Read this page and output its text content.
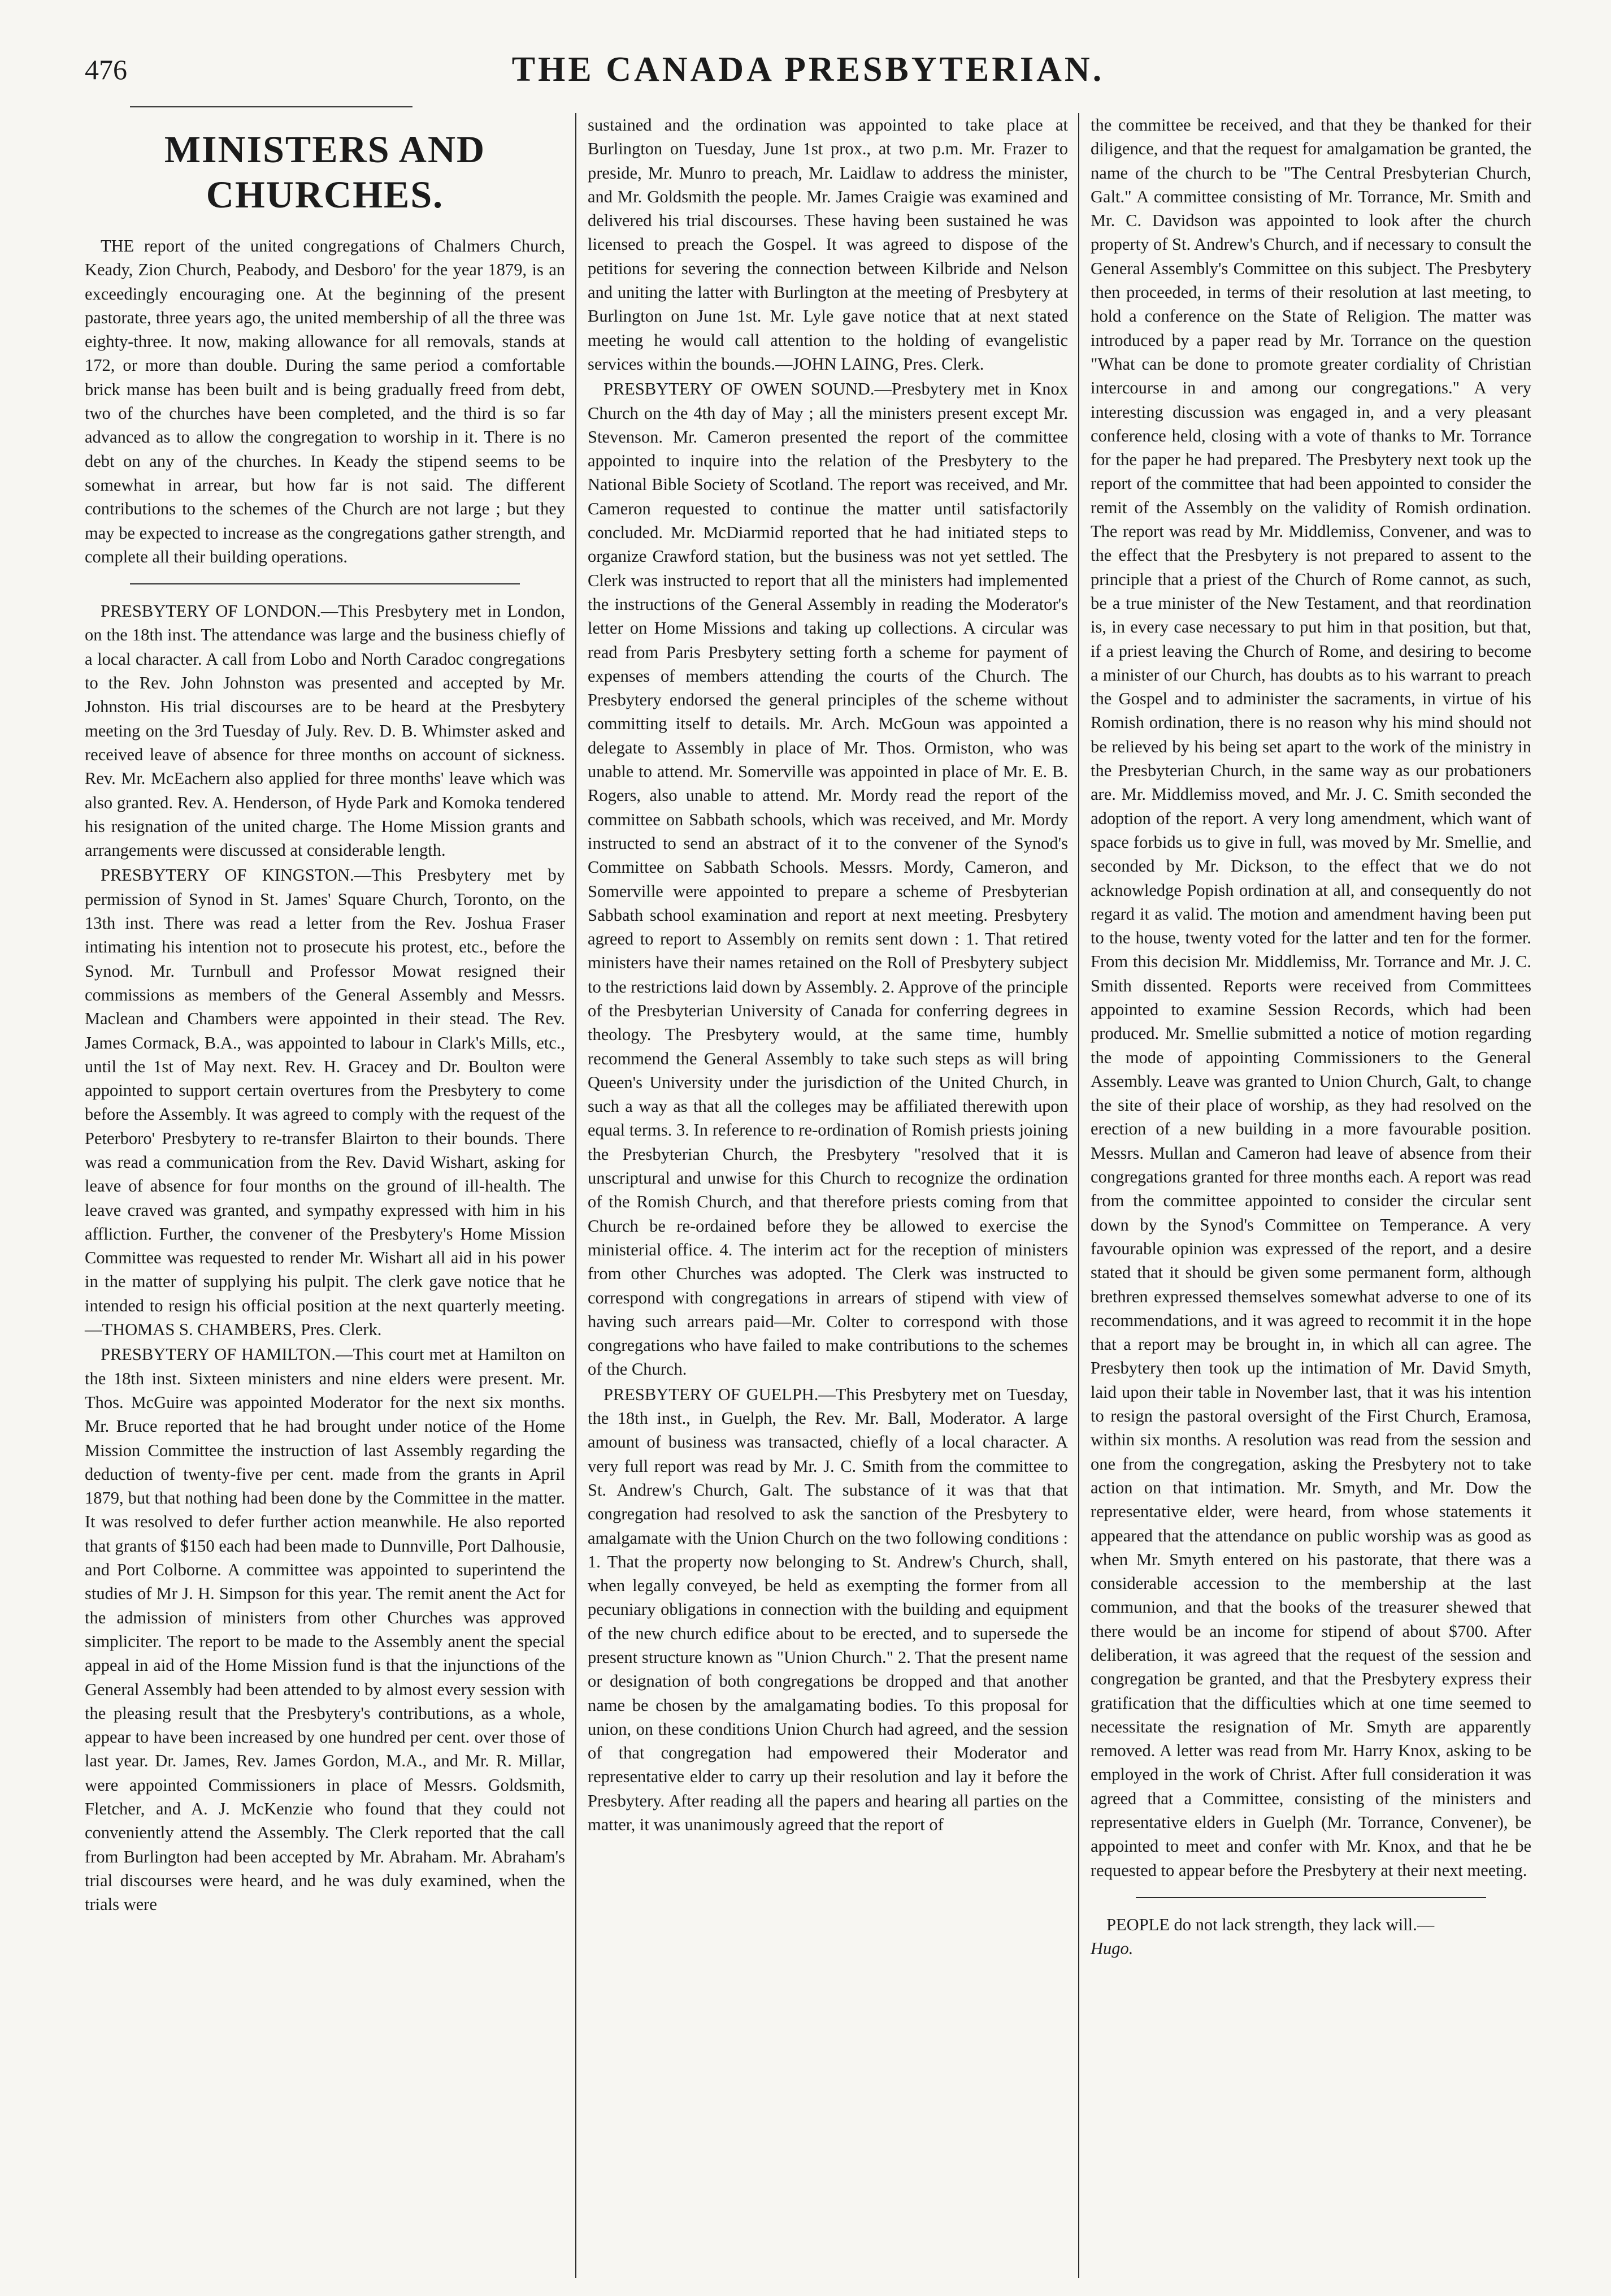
476	THE CANADA PRESBYTERIAN.
MINISTERS AND CHURCHES.

THE report of the united congregations of Chalmers Church, Keady, Zion Church, Peabody, and Desboro' for the year 1879, is an exceedingly encouraging one. At the beginning of the present pastorate, three years ago, the united membership of all the three was eighty-three. It now, making allowance for all removals, stands at 172, or more than double. During the same period a comfortable brick manse has been built and is being gradually freed from debt, two of the churches have been completed, and the third is so far advanced as to allow the congregation to worship in it. There is no debt on any of the churches. In Keady the stipend seems to be somewhat in arrear, but how far is not said. The different contributions to the schemes of the Church are not large ; but they may be expected to increase as the congregations gather strength, and complete all their building operations.

PRESBYTERY OF LONDON.—This Presbytery met in London, on the 18th inst. The attendance was large and the business chiefly of a local character. A call from Lobo and North Caradoc congregations to the Rev. John Johnston was presented and accepted by Mr. Johnston. His trial discourses are to be heard at the Presbytery meeting on the 3rd Tuesday of July. Rev. D. B. Whimster asked and received leave of absence for three months on account of sickness. Rev. Mr. McEachern also applied for three months' leave which was also granted. Rev. A. Henderson, of Hyde Park and Komoka tendered his resignation of the united charge. The Home Mission grants and arrangements were discussed at considerable length.

PRESBYTERY OF KINGSTON.—This Presbytery met by permission of Synod in St. James' Square Church, Toronto, on the 13th inst. There was read a letter from the Rev. Joshua Fraser intimating his intention not to prosecute his protest, etc., before the Synod. Mr. Turnbull and Professor Mowat resigned their commissions as members of the General Assembly and Messrs. Maclean and Chambers were appointed in their stead. The Rev. James Cormack, B.A., was appointed to labour in Clark's Mills, etc., until the 1st of May next. Rev. H. Gracey and Dr. Boulton were appointed to support certain overtures from the Presbytery to come before the Assembly. It was agreed to comply with the request of the Peterboro' Presbytery to re-transfer Blairton to their bounds. There was read a communication from the Rev. David Wishart, asking for leave of absence for four months on the ground of ill-health. The leave craved was granted, and sympathy expressed with him in his affliction. Further, the convener of the Presbytery's Home Mission Committee was requested to render Mr. Wishart all aid in his power in the matter of supplying his pulpit. The clerk gave notice that he intended to resign his official position at the next quarterly meeting.—THOMAS S. CHAMBERS, Pres. Clerk.

PRESBYTERY OF HAMILTON.—This court met at Hamilton on the 18th inst. Sixteen ministers and nine elders were present. Mr. Thos. McGuire was appointed Moderator for the next six months. Mr. Bruce reported that he had brought under notice of the Home Mission Committee the instruction of last Assembly regarding the deduction of twenty-five per cent. made from the grants in April 1879, but that nothing had been done by the Committee in the matter. It was resolved to defer further action meanwhile. He also reported that grants of $150 each had been made to Dunnville, Port Dalhousie, and Port Colborne. A committee was appointed to superintend the studies of Mr J. H. Simpson for this year. The remit anent the Act for the admission of ministers from other Churches was approved simpliciter. The report to be made to the Assembly anent the special appeal in aid of the Home Mission fund is that the injunctions of the General Assembly had been attended to by almost every session with the pleasing result that the Presbytery's contributions, as a whole, appear to have been increased by one hundred per cent. over those of last year. Dr. James, Rev. James Gordon, M.A., and Mr. R. Millar, were appointed Commissioners in place of Messrs. Goldsmith, Fletcher, and A. J. McKenzie who found that they could not conveniently attend the Assembly. The Clerk reported that the call from Burlington had been accepted by Mr. Abraham. Mr. Abraham's trial discourses were heard, and he was duly examined, when the trials were

sustained and the ordination was appointed to take place at Burlington on Tuesday, June 1st prox., at two p.m. Mr. Frazer to preside, Mr. Munro to preach, Mr. Laidlaw to address the minister, and Mr. Goldsmith the people. Mr. James Craigie was examined and delivered his trial discourses. These having been sustained he was licensed to preach the Gospel. It was agreed to dispose of the petitions for severing the connection between Kilbride and Nelson and uniting the latter with Burlington at the meeting of Presbytery at Burlington on June 1st. Mr. Lyle gave notice that at next stated meeting he would call attention to the holding of evangelistic services within the bounds.—JOHN LAING, Pres. Clerk.

PRESBYTERY OF OWEN SOUND.—Presbytery met in Knox Church on the 4th day of May ; all the ministers present except Mr. Stevenson. Mr. Cameron presented the report of the committee appointed to inquire into the relation of the Presbytery to the National Bible Society of Scotland. The report was received, and Mr. Cameron requested to continue the matter until satisfactorily concluded. Mr. McDiarmid reported that he had initiated steps to organize Crawford station, but the business was not yet settled. The Clerk was instructed to report that all the ministers had implemented the instructions of the General Assembly in reading the Moderator's letter on Home Missions and taking up collections. A circular was read from Paris Presbytery setting forth a scheme for payment of expenses of members attending the courts of the Church. The Presbytery endorsed the general principles of the scheme without committing itself to details. Mr. Arch. McGoun was appointed a delegate to Assembly in place of Mr. Thos. Ormiston, who was unable to attend. Mr. Somerville was appointed in place of Mr. E. B. Rogers, also unable to attend. Mr. Mordy read the report of the committee on Sabbath schools, which was received, and Mr. Mordy instructed to send an abstract of it to the convener of the Synod's Committee on Sabbath Schools. Messrs. Mordy, Cameron, and Somerville were appointed to prepare a scheme of Presbyterian Sabbath school examination and report at next meeting. Presbytery agreed to report to Assembly on remits sent down : 1. That retired ministers have their names retained on the Roll of Presbytery subject to the restrictions laid down by Assembly. 2. Approve of the principle of the Presbyterian University of Canada for conferring degrees in theology. The Presbytery would, at the same time, humbly recommend the General Assembly to take such steps as will bring Queen's University under the jurisdiction of the United Church, in such a way as that all the colleges may be affiliated therewith upon equal terms. 3. In reference to re-ordination of Romish priests joining the Presbyterian Church, the Presbytery "resolved that it is unscriptural and unwise for this Church to recognize the ordination of the Romish Church, and that therefore priests coming from that Church be re-ordained before they be allowed to exercise the ministerial office. 4. The interim act for the reception of ministers from other Churches was adopted. The Clerk was instructed to correspond with congregations in arrears of stipend with view of having such arrears paid—Mr. Colter to correspond with those congregations who have failed to make contributions to the schemes of the Church.

PRESBYTERY OF GUELPH.—This Presbytery met on Tuesday, the 18th inst., in Guelph, the Rev. Mr. Ball, Moderator. A large amount of business was transacted, chiefly of a local character. A very full report was read by Mr. J. C. Smith from the committee to St. Andrew's Church, Galt. The substance of it was that that congregation had resolved to ask the sanction of the Presbytery to amalgamate with the Union Church on the two following conditions : 1. That the property now belonging to St. Andrew's Church, shall, when legally conveyed, be held as exempting the former from all pecuniary obligations in connection with the building and equipment of the new church edifice about to be erected, and to supersede the present structure known as "Union Church." 2. That the present name or designation of both congregations be dropped and that another name be chosen by the amalgamating bodies. To this proposal for union, on these conditions Union Church had agreed, and the session of that congregation had empowered their Moderator and representative elder to carry up their resolution and lay it before the Presbytery. After reading all the papers and hearing all parties on the matter, it was unanimously agreed that the report of

the committee be received, and that they be thanked for their diligence, and that the request for amalgamation be granted, the name of the church to be "The Central Presbyterian Church, Galt." A committee consisting of Mr. Torrance, Mr. Smith and Mr. C. Davidson was appointed to look after the church property of St. Andrew's Church, and if necessary to consult the General Assembly's Committee on this subject. The Presbytery then proceeded, in terms of their resolution at last meeting, to hold a conference on the State of Religion. The matter was introduced by a paper read by Mr. Torrance on the question "What can be done to promote greater cordiality of Christian intercourse in and among our congregations." A very interesting discussion was engaged in, and a very pleasant conference held, closing with a vote of thanks to Mr. Torrance for the paper he had prepared. The Presbytery next took up the report of the committee that had been appointed to consider the remit of the Assembly on the validity of Romish ordination. The report was read by Mr. Middlemiss, Convener, and was to the effect that the Presbytery is not prepared to assent to the principle that a priest of the Church of Rome cannot, as such, be a true minister of the New Testament, and that reordination is, in every case necessary to put him in that position, but that, if a priest leaving the Church of Rome, and desiring to become a minister of our Church, has doubts as to his warrant to preach the Gospel and to administer the sacraments, in virtue of his Romish ordination, there is no reason why his mind should not be relieved by his being set apart to the work of the ministry in the Presbyterian Church, in the same way as our probationers are. Mr. Middlemiss moved, and Mr. J. C. Smith seconded the adoption of the report. A very long amendment, which want of space forbids us to give in full, was moved by Mr. Smellie, and seconded by Mr. Dickson, to the effect that we do not acknowledge Popish ordination at all, and consequently do not regard it as valid. The motion and amendment having been put to the house, twenty voted for the latter and ten for the former. From this decision Mr. Middlemiss, Mr. Torrance and Mr. J. C. Smith dissented. Reports were received from Committees appointed to examine Session Records, which had been produced. Mr. Smellie submitted a notice of motion regarding the mode of appointing Commissioners to the General Assembly. Leave was granted to Union Church, Galt, to change the site of their place of worship, as they had resolved on the erection of a new building in a more favourable position. Messrs. Mullan and Cameron had leave of absence from their congregations granted for three months each. A report was read from the committee appointed to consider the circular sent down by the Synod's Committee on Temperance. A very favourable opinion was expressed of the report, and a desire stated that it should be given some permanent form, although brethren expressed themselves somewhat adverse to one of its recommendations, and it was agreed to recommit it in the hope that a report may be brought in, in which all can agree. The Presbytery then took up the intimation of Mr. David Smyth, laid upon their table in November last, that it was his intention to resign the pastoral oversight of the First Church, Eramosa, within six months. A resolution was read from the session and one from the congregation, asking the Presbytery not to take action on that intimation. Mr. Smyth, and Mr. Dow the representative elder, were heard, from whose statements it appeared that the attendance on public worship was as good as when Mr. Smyth entered on his pastorate, that there was a considerable accession to the membership at the last communion, and that the books of the treasurer shewed that there would be an income for stipend of about $700. After deliberation, it was agreed that the request of the session and congregation be granted, and that the Presbytery express their gratification that the difficulties which at one time seemed to necessitate the resignation of Mr. Smyth are apparently removed. A letter was read from Mr. Harry Knox, asking to be employed in the work of Christ. After full consideration it was agreed that a Committee, consisting of the ministers and representative elders in Guelph (Mr. Torrance, Convener), be appointed to meet and confer with Mr. Knox, and that he be requested to appear before the Presbytery at their next meeting.

PEOPLE do not lack strength, they lack will.—
Hugo.
